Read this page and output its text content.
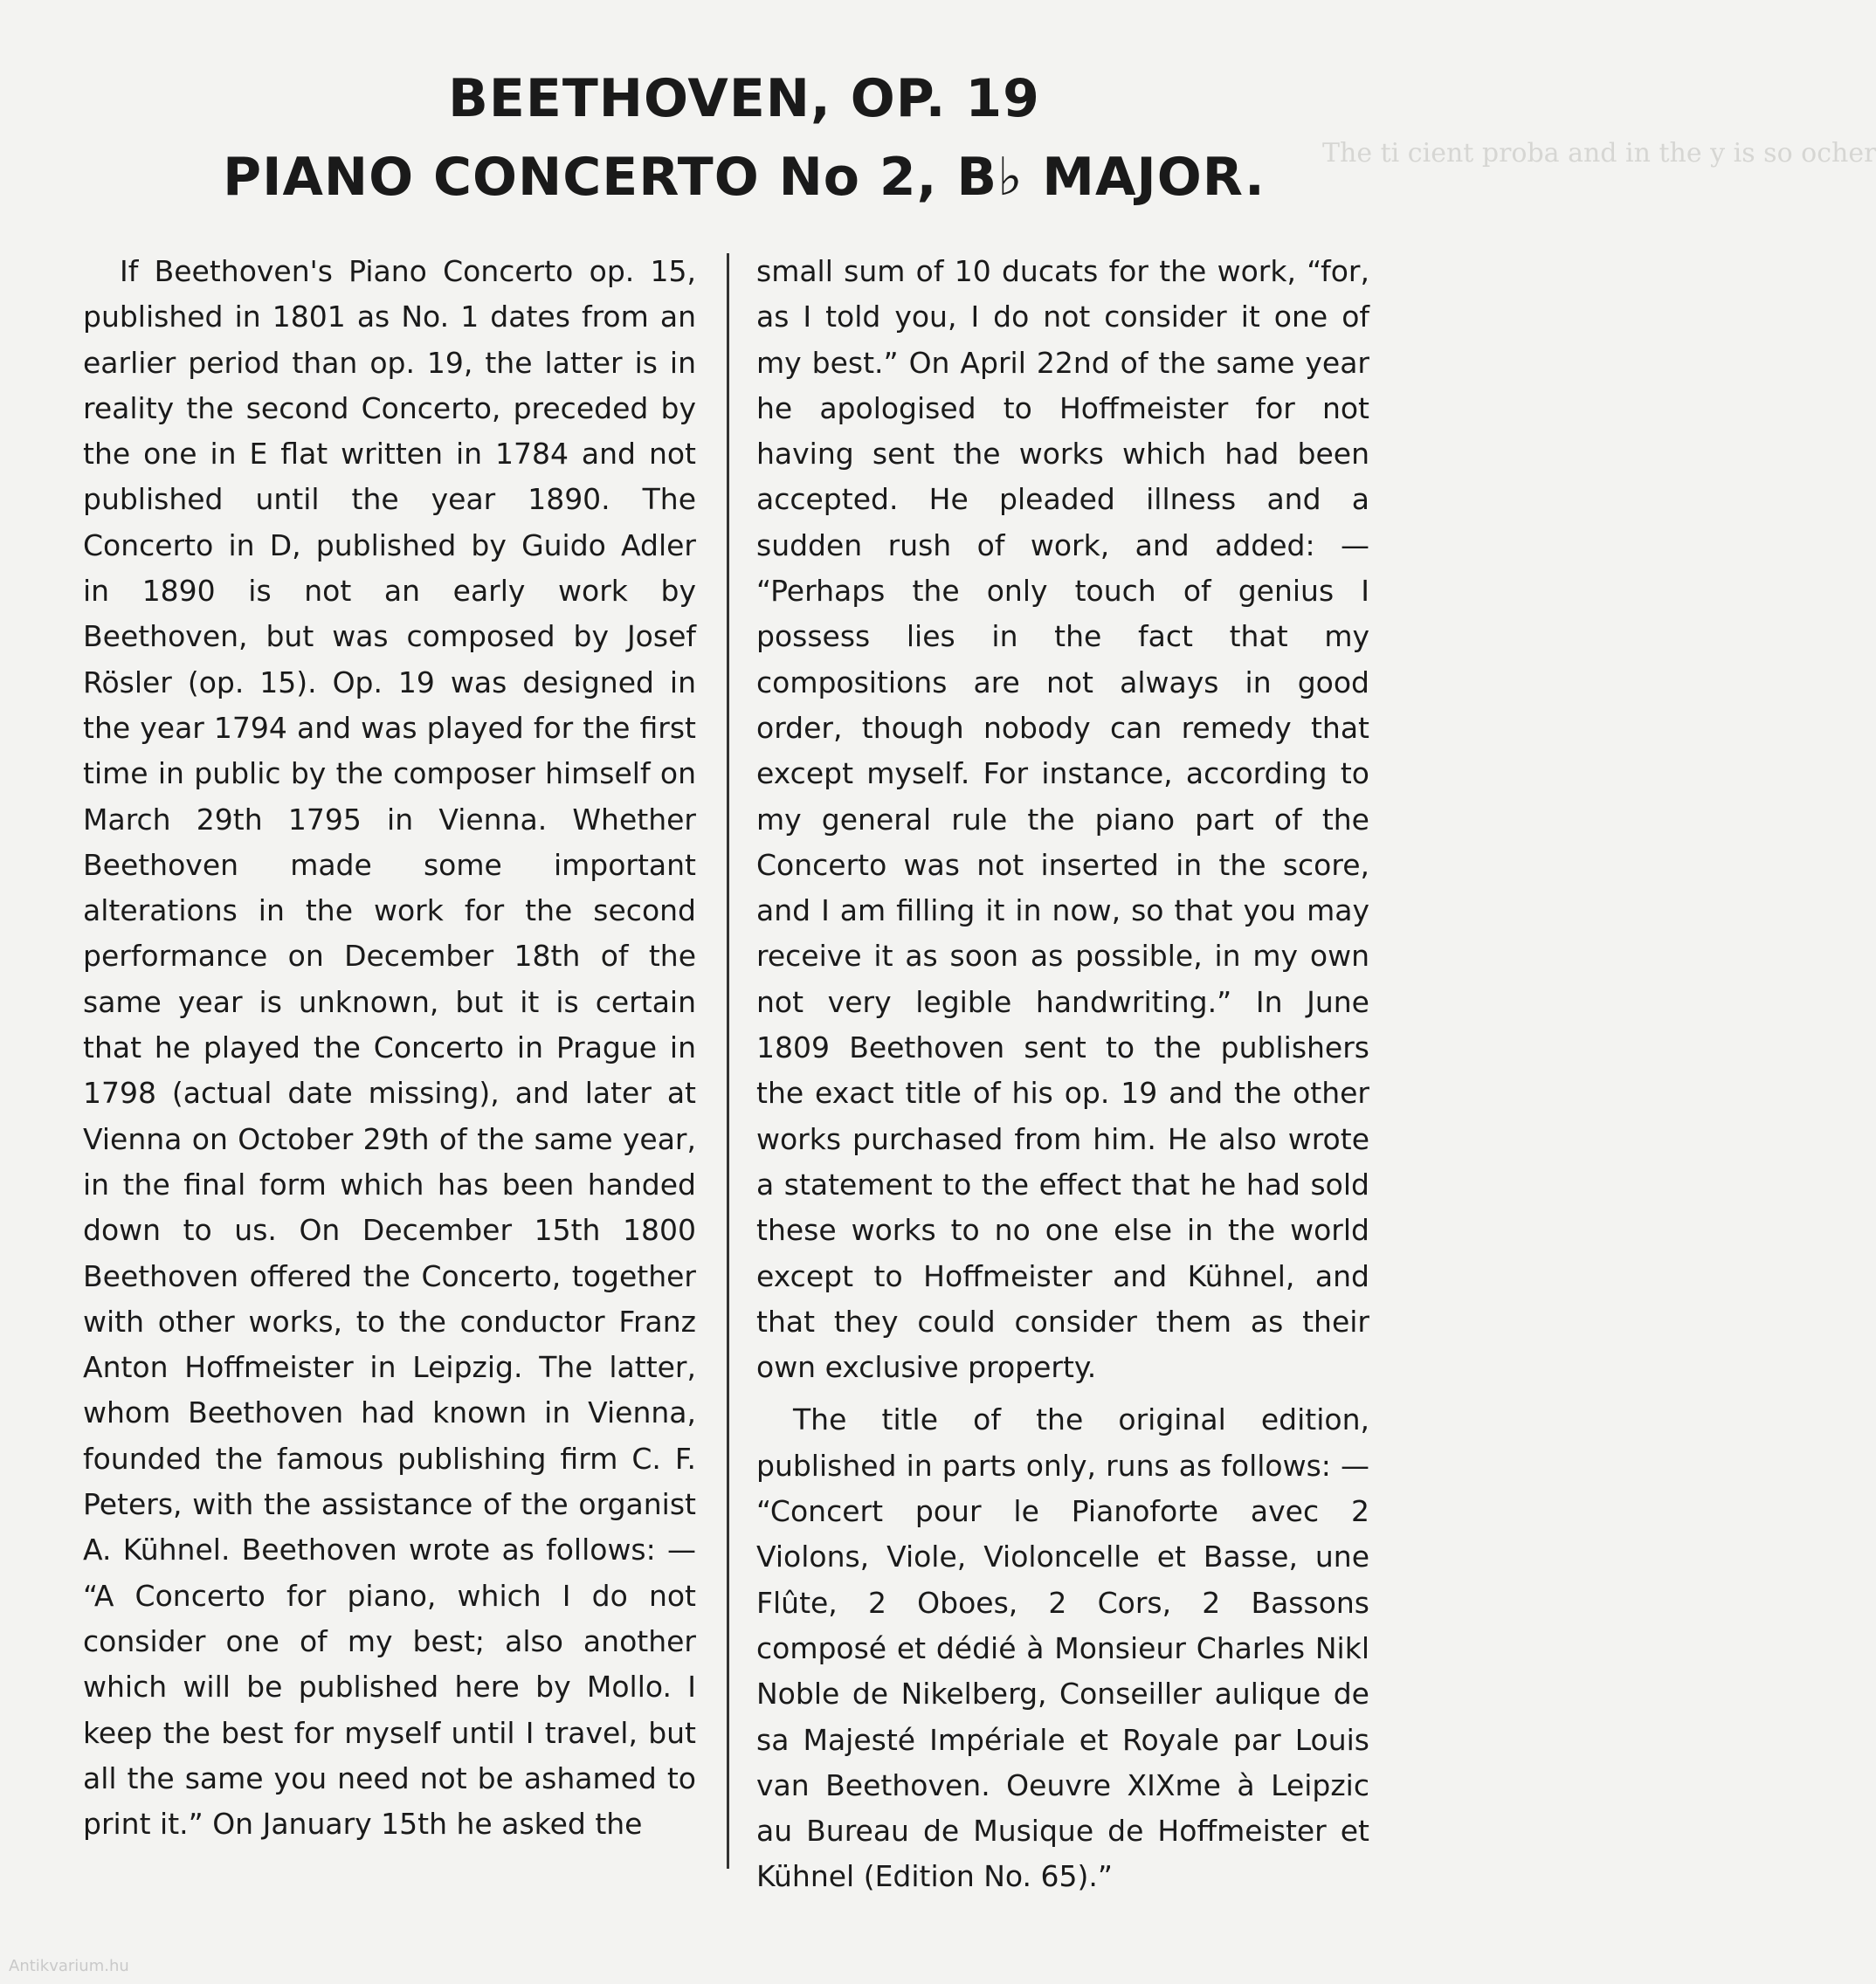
The ti cient proba and in the y is so ocher
BEETHOVEN, OP. 19
PIANO CONCERTO No 2, B♭ MAJOR.

If Beethoven's Piano Concerto op. 15, published in 1801 as No. 1 dates from an earlier period than op. 19, the latter is in reality the second Concerto, preceded by the one in E flat written in 1784 and not published until the year 1890. The Concerto in D, published by Guido Adler in 1890 is not an early work by Beethoven, but was composed by Josef Rösler (op. 15). Op. 19 was designed in the year 1794 and was played for the first time in public by the composer himself on March 29th 1795 in Vienna. Whether Beethoven made some important alterations in the work for the second performance on December 18th of the same year is unknown, but it is certain that he played the Concerto in Prague in 1798 (actual date missing), and later at Vienna on October 29th of the same year, in the final form which has been handed down to us. On December 15th 1800 Beethoven offered the Concerto, together with other works, to the conductor Franz Anton Hoffmeister in Leipzig. The latter, whom Beethoven had known in Vienna, founded the famous publishing firm C. F. Peters, with the assistance of the organist A. Kühnel. Beethoven wrote as follows: — “A Concerto for piano, which I do not consider one of my best; also another which will be published here by Mollo. I keep the best for myself until I travel, but all the same you need not be ashamed to print it.” On January 15th he asked the

small sum of 10 ducats for the work, “for, as I told you, I do not consider it one of my best.” On April 22nd of the same year he apologised to Hoffmeister for not having sent the works which had been accepted. He pleaded illness and a sudden rush of work, and added: — “Perhaps the only touch of genius I possess lies in the fact that my compositions are not always in good order, though nobody can remedy that except myself. For instance, according to my general rule the piano part of the Concerto was not inserted in the score, and I am filling it in now, so that you may receive it as soon as possible, in my own not very legible handwriting.” In June 1809 Beethoven sent to the publishers the exact title of his op. 19 and the other works purchased from him. He also wrote a statement to the effect that he had sold these works to no one else in the world except to Hoffmeister and Kühnel, and that they could consider them as their own exclusive property.

The title of the original edition, published in parts only, runs as follows: — “Concert pour le Pianoforte avec 2 Violons, Viole, Violoncelle et Basse, une Flûte, 2 Oboes, 2 Cors, 2 Bassons composé et dédié à Monsieur Charles Nikl Noble de Nikelberg, Conseiller aulique de sa Majesté Impériale et Royale par Louis van Beethoven. Oeuvre XIXme à Leipzic au Bureau de Musique de Hoffmeister et Kühnel (Edition No. 65).”

Antikvarium.hu
